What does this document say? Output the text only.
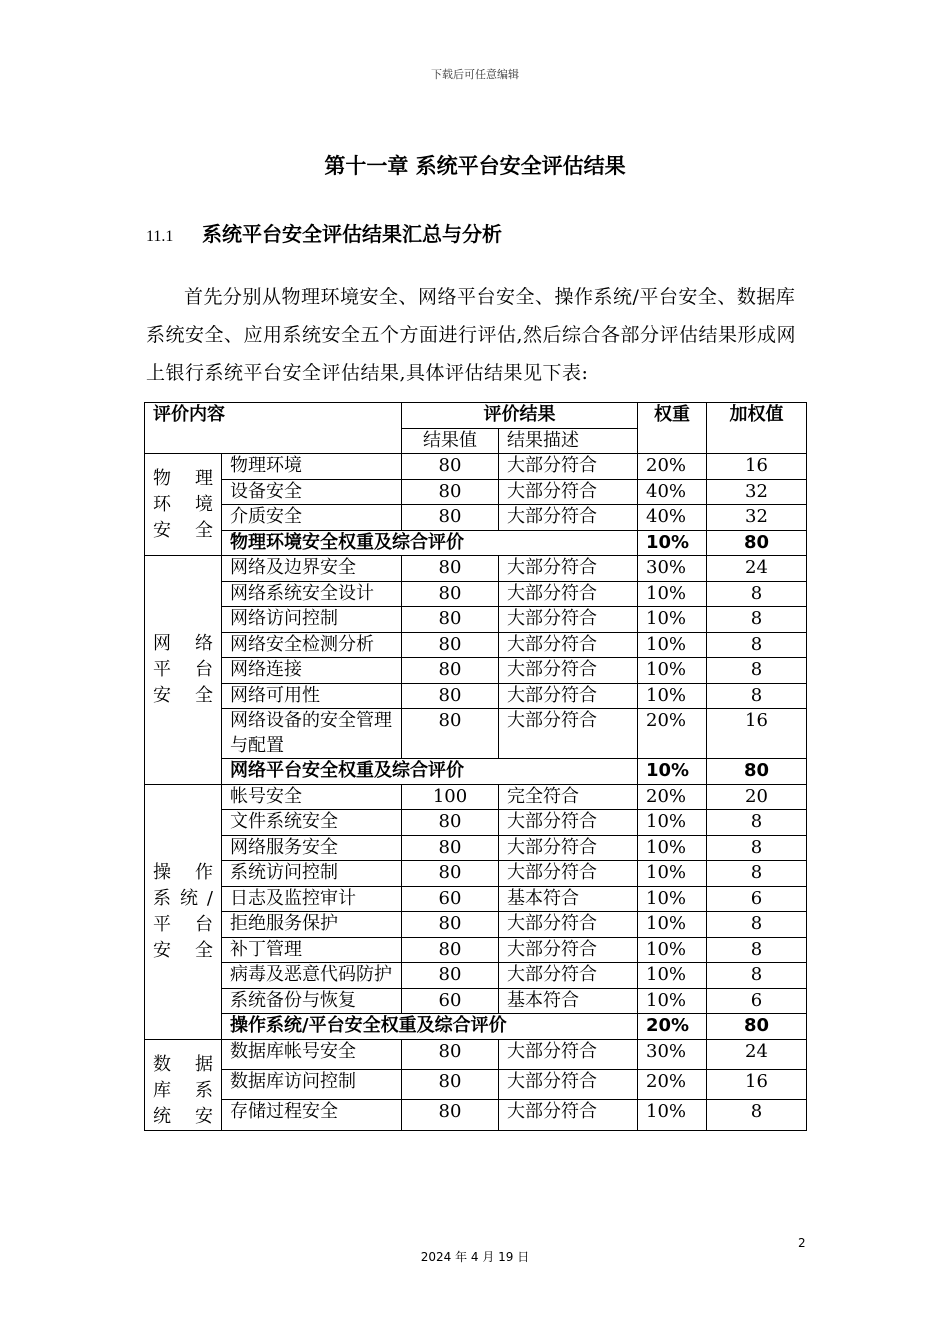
下载后可任意编辑
第十一章 系统平台安全评估结果
11.1 系统平台安全评估结果汇总与分析
首先分别从物理环境安全、网络平台安全、操作系统/平台安全、数据库系统安全、应用系统安全五个方面进行评估,然后综合各部分评估结果形成网上银行系统平台安全评估结果,具体评估结果见下表:
评价内容		评价结果		权重	加权值
		结果值	结果描述		
物 理 环 境 安全	物理环境	80	大部分符合	20%	16
	设备安全	80	大部分符合	40%	32
	介质安全	80	大部分符合	40%	32
	物理环境安全权重及综合评价			10%	80
网 络 平 台 安全	网络及边界安全	80	大部分符合	30%	24
	网络系统安全设计	80	大部分符合	10%	8
	网络访问控制	80	大部分符合	10%	8
	网络安全检测分析	80	大部分符合	10%	8
	网络连接	80	大部分符合	10%	8
	网络可用性	80	大部分符合	10%	8
	网络设备的安全管理与配置	80	大部分符合	20%	16
	网络平台安全权重及综合评价			10%	80
操 作 系统/ 平 台 安全	帐号安全	100	完全符合	20%	20
	文件系统安全	80	大部分符合	10%	8
	网络服务安全	80	大部分符合	10%	8
	系统访问控制	80	大部分符合	10%	8
	日志及监控审计	60	基本符合	10%	6
	拒绝服务保护	80	大部分符合	10%	8
	补丁管理	80	大部分符合	10%	8
	病毒及恶意代码防护	80	大部分符合	10%	8
	系统备份与恢复	60	基本符合	10%	6
	操作系统/平台安全权重及综合评价			20%	80
数 据 库 系 统 安	数据库帐号安全	80	大部分符合	30%	24
	数据库访问控制	80	大部分符合	20%	16
	存储过程安全	80	大部分符合	10%	8
2
2024 年 4 月 19 日
